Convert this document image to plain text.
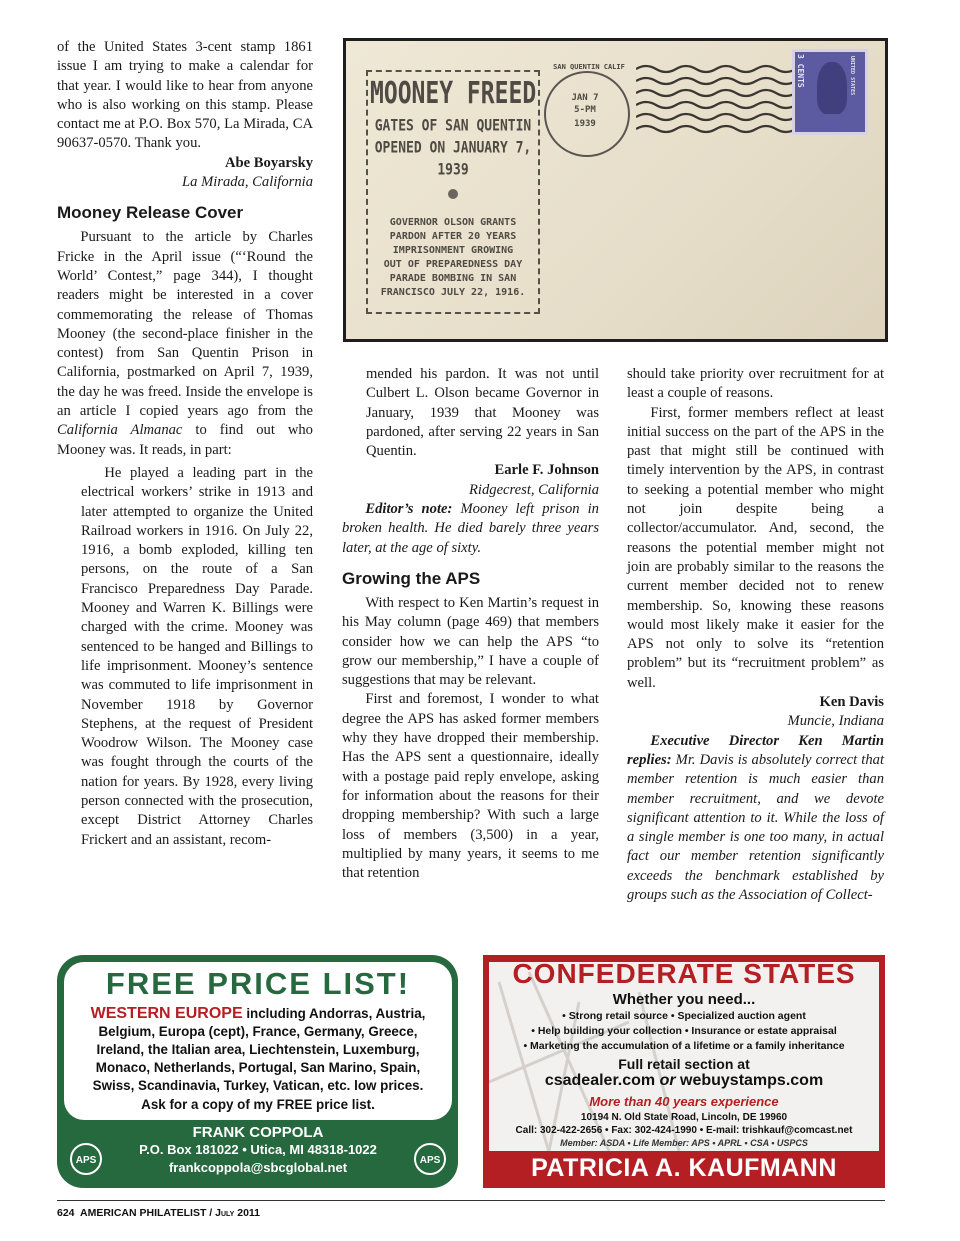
of the United States 3-cent stamp 1861 issue I am trying to make a calendar for that year. I would like to hear from anyone who is also working on this stamp. Please contact me at P.O. Box 570, La Mirada, CA 90637-0570. Thank you.

Abe Boyarsky

La Mirada, California

Mooney Release Cover

Pursuant to the article by Charles Fricke in the April issue (“‘Round the World’ Contest,” page 344), I thought readers might be interested in a cover commemorating the release of Thomas Mooney (the second-place finisher in the contest) from San Quentin Prison in California, postmarked on April 7, 1939, the day he was freed. Inside the envelope is an article I copied years ago from the California Almanac to find out who Mooney was. It reads, in part:

He played a leading part in the electrical workers’ strike in 1913 and later attempted to organize the United Railroad workers in 1916. On July 22, 1916, a bomb exploded, killing ten persons, on the route of a San Francisco Preparedness Day Parade. Mooney and Warren K. Billings were charged with the crime. Mooney was sentenced to be hanged and Billings to life imprisonment. Mooney’s sentence was commuted to life imprisonment in November 1918 by Governor Stephens, at the request of President Woodrow Wilson. The Mooney case was fought through the courts of the nation for years. By 1928, every living person connected with the prosecution, except District Attorney Charles Frickert and an assistant, recom-

MOONEY FREED
GATES OF SAN QUENTIN
OPENED ON JANUARY 7,
1939
GOVERNOR OLSON GRANTS
PARDON AFTER 20 YEARS
IMPRISONMENT GROWING
OUT OF PREPAREDNESS DAY
PARADE BOMBING IN SAN
FRANCISCO JULY 22, 1916.
SAN QUENTIN CALIF
JAN 7
5-PM
1939
3 CENTS	UNITED STATES

mended his pardon. It was not until Culbert L. Olson became Governor in January, 1939 that Mooney was pardoned, after serving 22 years in San Quentin.

Earle F. Johnson

Ridgecrest, California

Editor’s note: Mooney left prison in broken health. He died barely three years later, at the age of sixty.

Growing the APS

With respect to Ken Martin’s request in his May column (page 469) that members consider how we can help the APS “to grow our membership,” I have a couple of suggestions that may be relevant.

First and foremost, I wonder to what degree the APS has asked former members why they have dropped their membership. Has the APS sent a questionnaire, ideally with a postage paid reply envelope, asking for information about the reasons for their dropping membership? With such a large loss of members (3,500) in a year, multiplied by many years, it seems to me that retention

should take priority over recruitment for at least a couple of reasons.

First, former members reflect at least initial success on the part of the APS in the past that might still be continued with timely intervention by the APS, in contrast to seeking a potential member who might not join despite being a collector/accumulator. And, second, the reasons the potential member might not join are probably similar to the reasons the current member decided not to renew membership. So, knowing these reasons would most likely make it easier for the APS not only to solve its “retention problem” but its “recruitment problem” as well.

Ken Davis

Muncie, Indiana

Executive Director Ken Martin replies: Mr. Davis is absolutely correct that member retention is much easier than member recruitment, and we devote significant attention to it. While the loss of a single member is one too many, in actual fact our member retention significantly exceeds the benchmark established by groups such as the Association of Collect-

FREE PRICE LIST!
WESTERN EUROPE including Andorras, Austria, Belgium, Europa (cept), France, Germany, Greece, Ireland, the Italian area, Liechtenstein, Luxemburg, Monaco, Netherlands, Portugal, San Marino, Spain, Swiss, Scandinavia, Turkey, Vatican, etc. low prices.
Ask for a copy of my FREE price list.
FRANK COPPOLA
P.O. Box 181022 • Utica, MI 48318-1022
frankcoppola@sbcglobal.net
APS	APS
CONFEDERATE STATES
Whether you need...
• Strong retail source • Specialized auction agent
• Help building your collection • Insurance or estate appraisal
• Marketing the accumulation of a lifetime or a family inheritance
Full retail section at
csadealer.com or webuystamps.com
More than 40 years experience
10194 N. Old State Road, Lincoln, DE 19960
Call: 302-422-2656 • Fax: 302-424-1990 • E-mail: trishkauf@comcast.net
Member: ASDA • Life Member: APS • APRL • CSA • USPCS
PATRICIA A. KAUFMANN
624 AMERICAN PHILATELIST / July 2011
